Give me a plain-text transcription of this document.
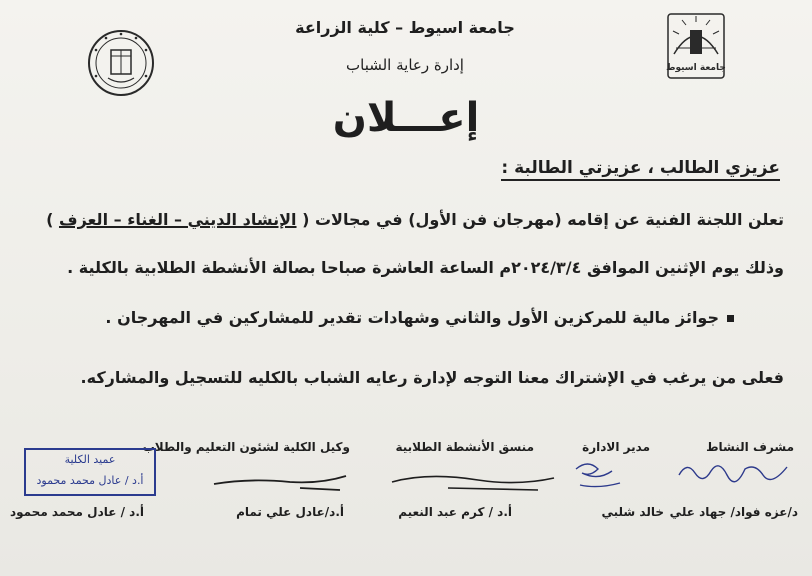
جامعة اسيوط
جامعة اسيوط – كلية الزراعة
إدارة رعاية الشباب
إعـــلان
عزيزي الطالب ، عزيزتي الطالبة :
تعلن اللجنة الفنية عن إقامه (مهرجان فن الأول) في مجالات ( الإنشاد الديني – الغناء – العزف )
وذلك يوم الإثنين الموافق ٢٠٢٤/٣/٤م الساعة العاشرة صباحا بصالة الأنشطة الطلابية بالكلية .
جوائز مالية للمركزين الأول والثاني وشهادات تقدير للمشاركين في المهرجان .
فعلى من يرغب في الإشتراك معنا التوجه لإدارة رعايه الشباب بالكليه للتسجيل والمشاركه.
مشرف النشاط
مدير الادارة
منسق الأنشطة الطلابية
وكيل الكلية لشئون التعليم والطلاب
عميد الكلية
أ.د / عادل محمد محمود
د/عزه فواد/ جهاد علي
خالد شلبي
أ.د / كرم عبد النعيم
أ.د/عادل علي تمام
أ.د / عادل محمد محمود
